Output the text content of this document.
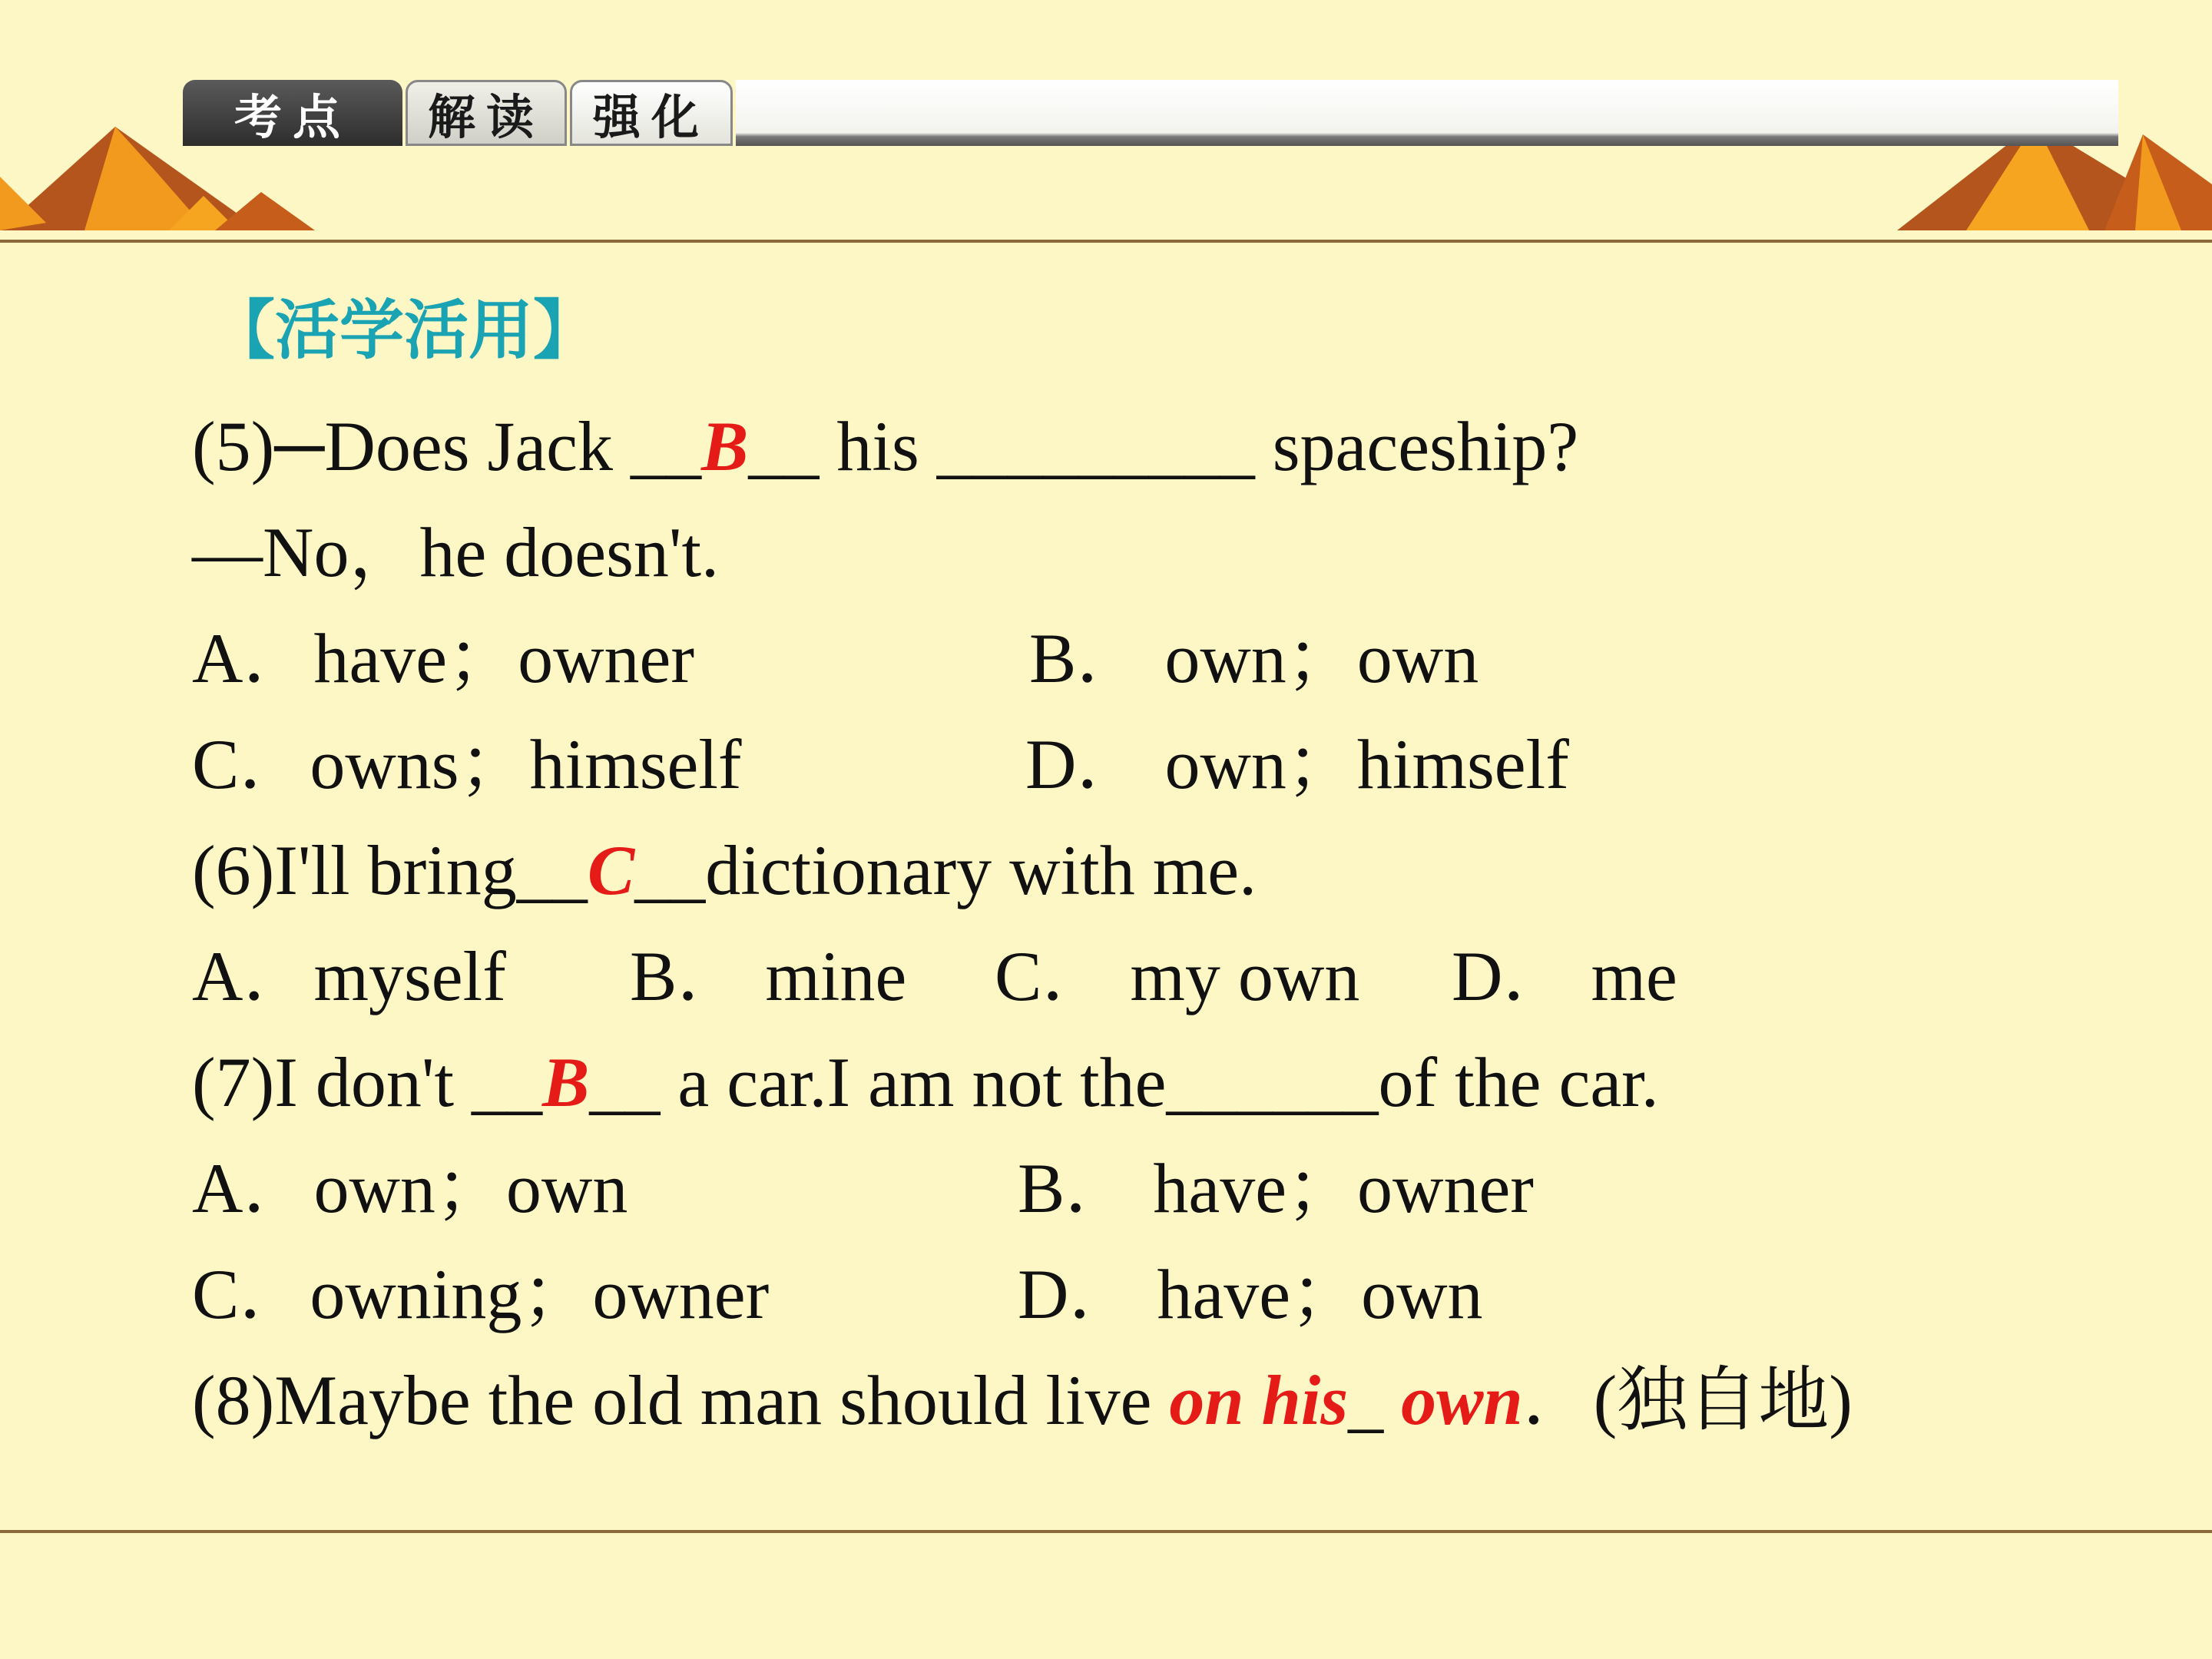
考点	解读	强化
【活学活用】
(5)─Does Jack __B__ his _________ spaceship?
—No，he doesn't.
A．have；owner	B． own；own
C．owns；himself	D． own；himself
(6)I'll bring__C__dictionary with me.
A．myself B． mine C． my own D． me
(7)I don't __B__ a car.I am not the______of the car.
A．own；own	B． have；owner
C．owning；owner	D． have；own
(8)Maybe the old man should live on his_ own．(独自地)
